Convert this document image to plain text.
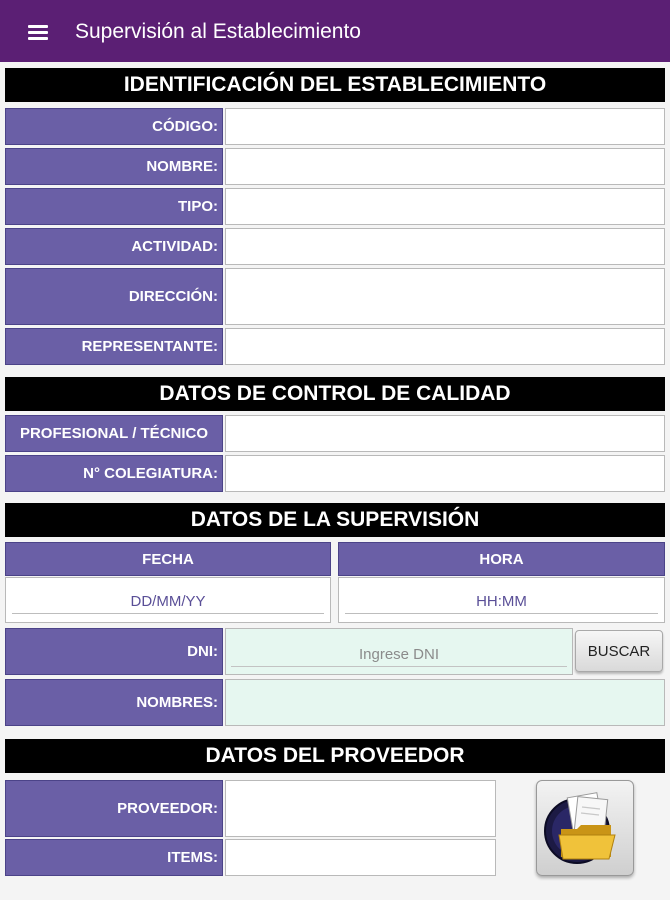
Supervisión al Establecimiento
IDENTIFICACIÓN DEL ESTABLECIMIENTO
CÓDIGO:
NOMBRE:
TIPO:
ACTIVIDAD:
DIRECCIÓN:
REPRESENTANTE:
DATOS DE CONTROL DE CALIDAD
PROFESIONAL / TÉCNICO
N° COLEGIATURA:
DATOS DE LA SUPERVISIÓN
FECHA
DD/MM/YY
HORA
HH:MM
DNI:	Ingrese DNI	BUSCAR
NOMBRES:
DATOS DEL PROVEEDOR
PROVEEDOR:
ITEMS:
